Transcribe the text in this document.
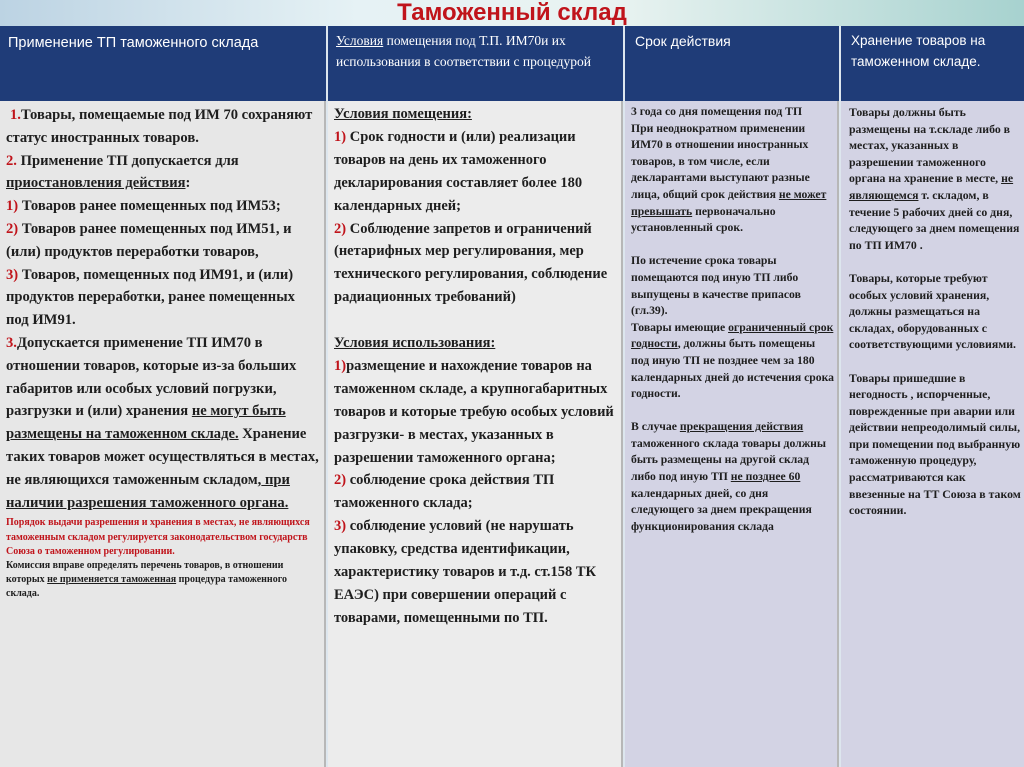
Таможенный склад
Применение ТП таможенного склада	Условия помещения под Т.П. ИМ70и их использования в соответствии с процедурой
Срок действия	Хранение товаров на таможенном складе.

1.Товары, помещаемые под ИМ 70 сохраняют статус иностранных товаров.

2. Применение ТП допускается для приостановления действия:

1) Товаров ранее помещенных под ИМ53;

2) Товаров ранее помещенных под ИМ51, и (или) продуктов переработки товаров,

3) Товаров, помещенных под ИМ91, и (или) продуктов переработки, ранее помещенных под ИМ91.

3.Допускается применение ТП ИМ70 в отношении товаров, которые из-за больших габаритов или особых условий погрузки, разгрузки и (или) хранения не могут быть размещены на таможенном складе. Хранение таких товаров может осуществляться в местах, не являющихся таможенным складом, при наличии разрешения таможенного органа.

Порядок выдачи разрешения и хранения в местах, не являющихся таможенным складом регулируется законодательством государств Союза о таможенном регулировании.

Комиссия вправе определять перечень товаров, в отношении которых не применяется таможенная процедура таможенного склада.

Условия помещения:

1) Срок годности и (или) реализации товаров на день их таможенного декларирования составляет более 180 календарных дней;

2) Соблюдение запретов и ограничений (нетарифных мер регулирования, мер технического регулирования, соблюдение радиационных требований)

Условия использования:

1)размещение и нахождение товаров на таможенном складе, а крупногабаритных товаров и которые требую особых условий разгрузки- в местах, указанных в разрешении таможенного органа;

2) соблюдение срока действия ТП таможенного склада;

3) соблюдение условий (не нарушать упаковку, средства идентификации, характеристику товаров и т.д. ст.158 ТК ЕАЭС) при совершении операций с товарами, помещенными по ТП.

3 года со дня помещения под ТП

При неоднократном применении ИМ70 в отношении иностранных товаров, в том числе, если декларантами выступают разные лица, общий срок действия не может превышать первоначально установленный срок.

По истечение срока товары помещаются под иную ТП либо выпущены в качестве припасов (гл.39).

Товары имеющие ограниченный срок годности, должны быть помещены под иную ТП не позднее чем за 180 календарных дней до истечения срока годности.

В случае прекращения действия таможенного склада товары должны быть размещены на другой склад либо под иную ТП не позднее 60 календарных дней, со дня следующего за днем прекращения функционирования склада

Товары должны быть размещены на т.складе либо в местах, указанных в разрешении таможенного органа на хранение в месте, не являющемся т. складом, в течение 5 рабочих дней со дня, следующего за днем помещения по ТП ИМ70 .

Товары, которые требуют особых условий хранения, должны размещаться на складах, оборудованных с соответствующими условиями.

Товары пришедшие в негодность , испорченные, поврежденные при аварии или действии непреодолимый силы, при помещении под выбранную таможенную процедуру, рассматриваются как ввезенные на ТТ Союза в таком состоянии.
